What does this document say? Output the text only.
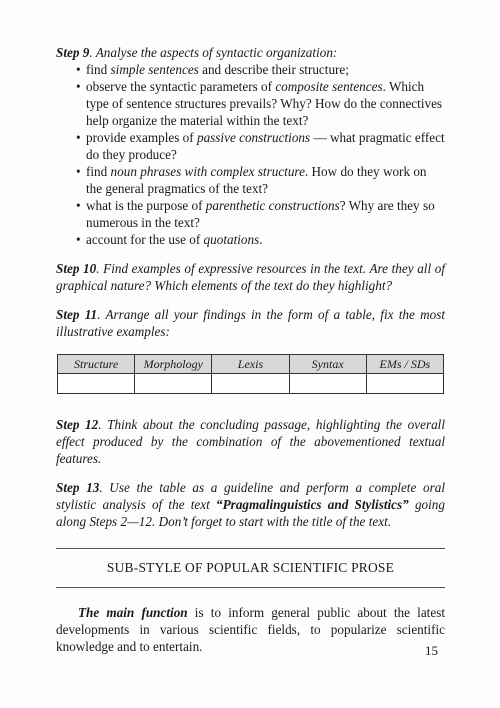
Step 9. Analyse the aspects of syntactic organization:
• find simple sentences and describe their structure;
• observe the syntactic parameters of composite sentences. Which type of sentence structures prevails? Why? How do the connectives help organize the material within the text?
• provide examples of passive constructions — what pragmatic effect do they produce?
• find noun phrases with complex structure. How do they work on the general pragmatics of the text?
• what is the purpose of parenthetic constructions? Why are they so numerous in the text?
• account for the use of quotations.
Step 10. Find examples of expressive resources in the text. Are they all of graphical nature? Which elements of the text do they highlight?
Step 11. Arrange all your findings in the form of a table, fix the most illustrative examples:
Structure	Morphology	Lexis	Syntax	EMs / SDs

Step 12. Think about the concluding passage, highlighting the overall effect produced by the combination of the abovementioned textual features.
Step 13. Use the table as a guideline and perform a complete oral stylistic analysis of the text “Pragmalinguistics and Stylistics” going along Steps 2—12. Don’t forget to start with the title of the text.
SUB-STYLE OF POPULAR SCIENTIFIC PROSE
The main function is to inform general public about the latest developments in various scientific fields, to popularize scientific knowledge and to entertain.	15
